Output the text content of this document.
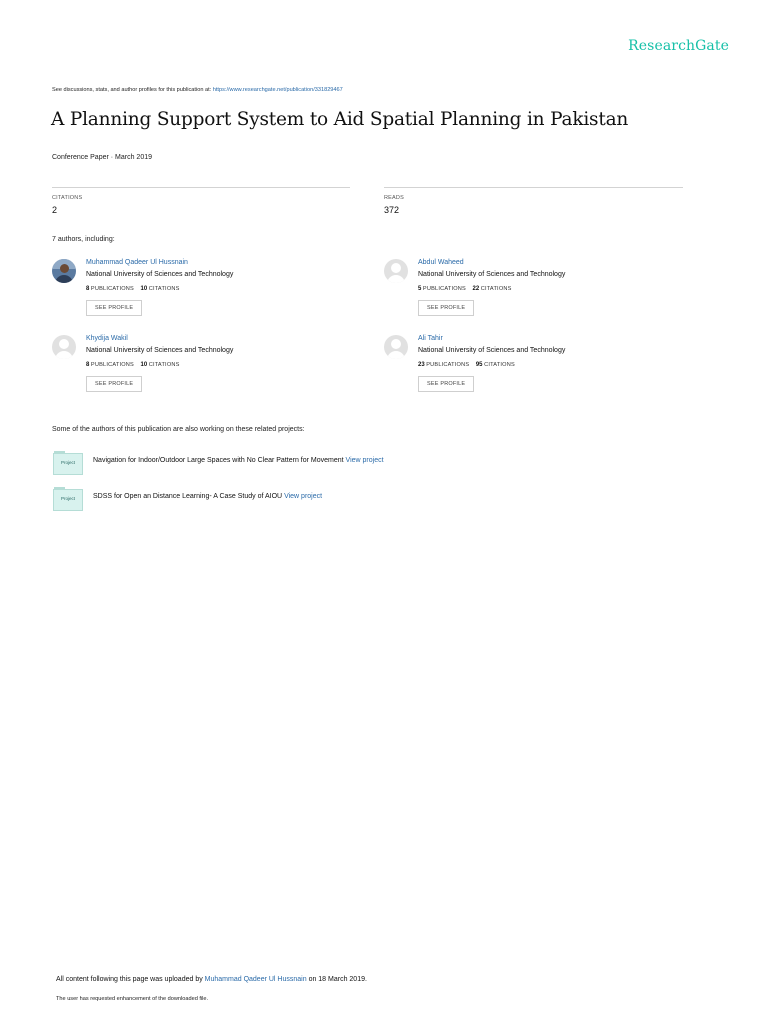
ResearchGate
See discussions, stats, and author profiles for this publication at: https://www.researchgate.net/publication/331829467
A Planning Support System to Aid Spatial Planning in Pakistan
Conference Paper · March 2019
CITATIONS
2
READS
372
7 authors, including:
Muhammad Qadeer Ul Hussnain
National University of Sciences and Technology
8 PUBLICATIONS 10 CITATIONS
SEE PROFILE
Abdul Waheed
National University of Sciences and Technology
5 PUBLICATIONS 22 CITATIONS
SEE PROFILE
Khydija Wakil
National University of Sciences and Technology
8 PUBLICATIONS 10 CITATIONS
SEE PROFILE
Ali Tahir
National University of Sciences and Technology
23 PUBLICATIONS 95 CITATIONS
SEE PROFILE
Some of the authors of this publication are also working on these related projects:
Project	Navigation for Indoor/Outdoor Large Spaces with No Clear Pattern for Movement View project
Project	SDSS for Open an Distance Learning- A Case Study of AIOU View project
All content following this page was uploaded by Muhammad Qadeer Ul Hussnain on 18 March 2019.
The user has requested enhancement of the downloaded file.
